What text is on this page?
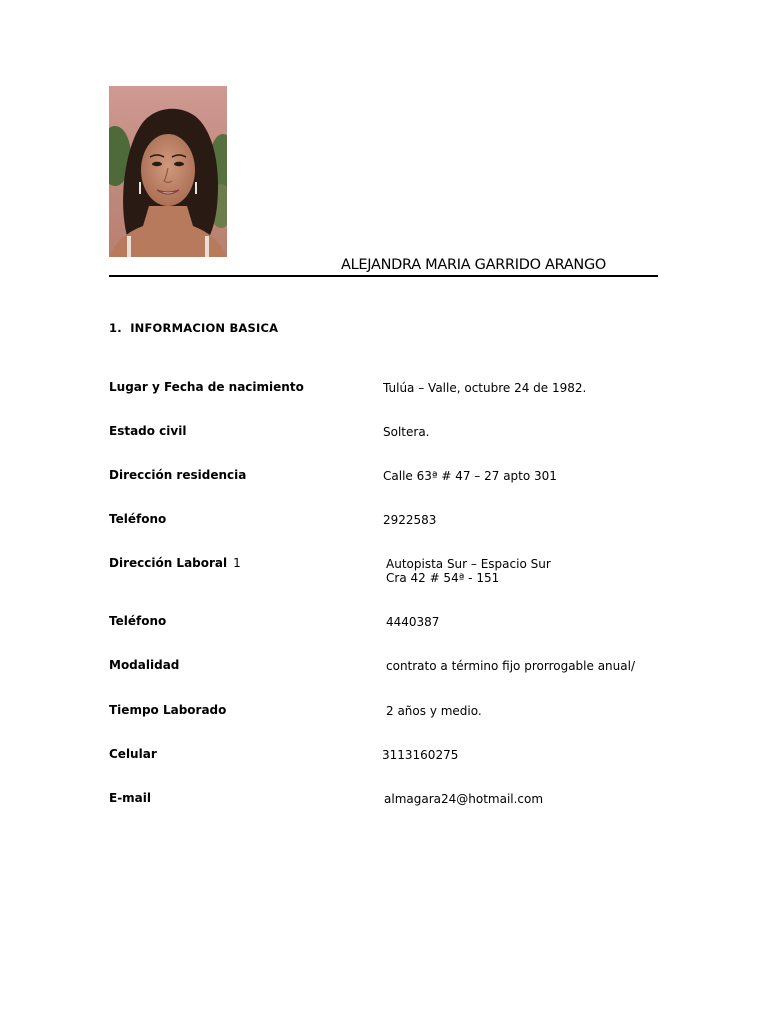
ALEJANDRA MARIA GARRIDO ARANGO
1. INFORMACION BASICA
Lugar y Fecha de nacimiento	Tulúa – Valle, octubre 24 de 1982.
Estado civil	Soltera.
Dirección residencia	Calle 63ª # 47 – 27 apto 301
Teléfono	2922583
Dirección Laboral 1	Autopista Sur – Espacio Sur
Cra 42 # 54ª - 151
Teléfono	4440387
Modalidad	contrato a término fijo prorrogable anual/
Tiempo Laborado	2 años y medio.
Celular	3113160275
E-mail	almagara24@hotmail.com
